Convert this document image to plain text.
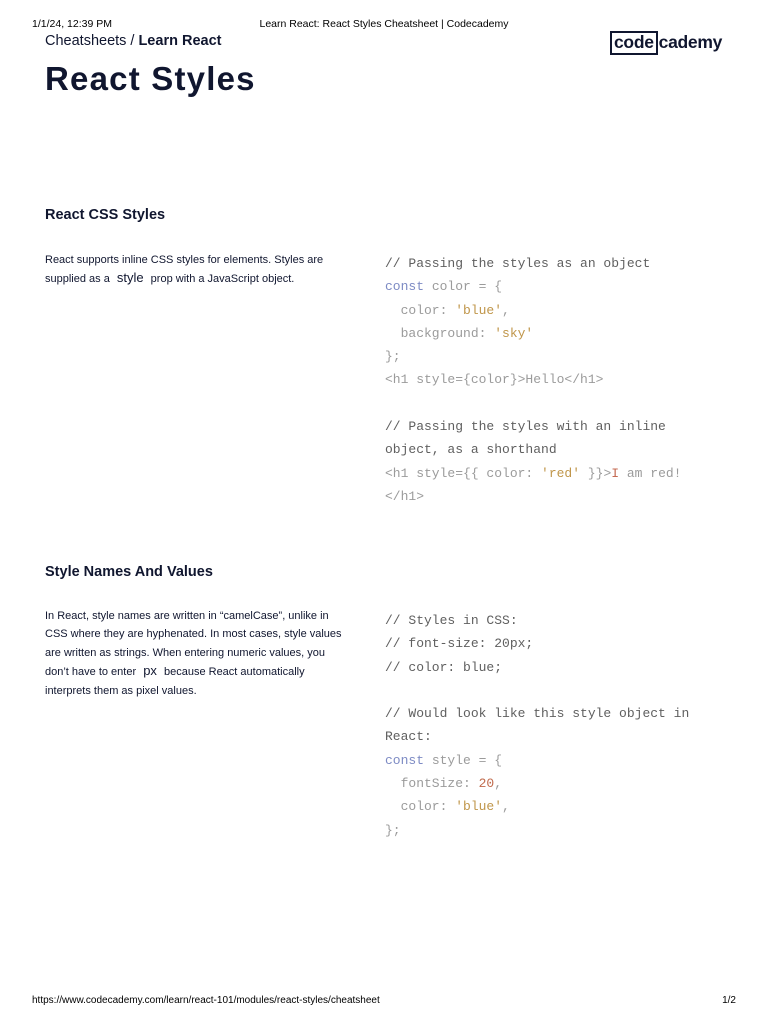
1/1/24, 12:39 PM	Learn React: React Styles Cheatsheet | Codecademy
Cheatsheets / Learn React	code cademy
React Styles
React CSS Styles

React supports inline CSS styles for elements. Styles are supplied as a style prop with a JavaScript object.

// Passing the styles as an object
const color = {
color: 'blue',
background: 'sky'
};
<h1 style={color}>Hello</h1>
// Passing the styles with an inline
object, as a shorthand
<h1 style={{ color: 'red' }}>I am red!
</h1>
Style Names And Values

In React, style names are written in “camelCase”, unlike in CSS where they are hyphenated. In most cases, style values are written as strings. When entering numeric values, you don’t have to enter px because React automatically interprets them as pixel values.

// Styles in CSS:
// font-size: 20px;
// color: blue;
// Would look like this style object in
React:
const style = {
fontSize: 20,
color: 'blue',
};
https://www.codecademy.com/learn/react-101/modules/react-styles/cheatsheet	1/2
